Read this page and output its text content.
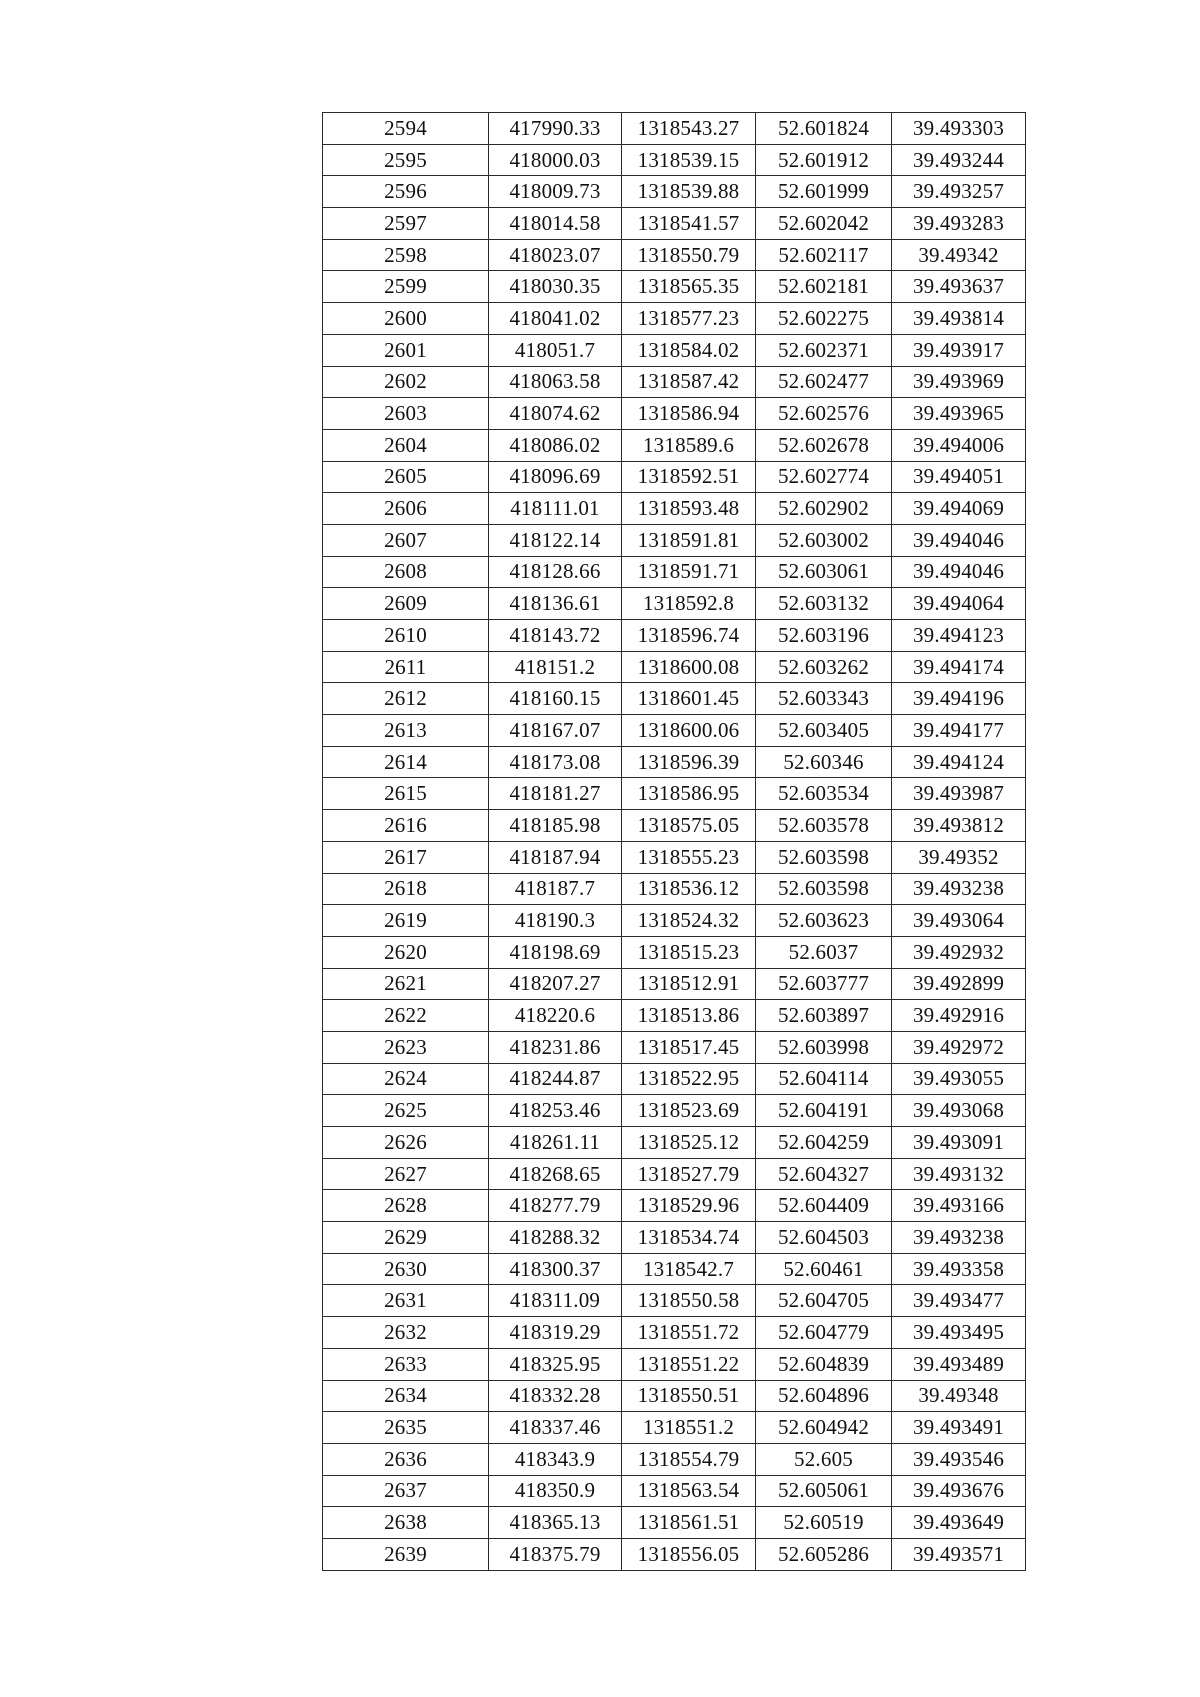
2594	417990.33	1318543.27	52.601824	39.493303
2595	418000.03	1318539.15	52.601912	39.493244
2596	418009.73	1318539.88	52.601999	39.493257
2597	418014.58	1318541.57	52.602042	39.493283
2598	418023.07	1318550.79	52.602117	39.49342
2599	418030.35	1318565.35	52.602181	39.493637
2600	418041.02	1318577.23	52.602275	39.493814
2601	418051.7	1318584.02	52.602371	39.493917
2602	418063.58	1318587.42	52.602477	39.493969
2603	418074.62	1318586.94	52.602576	39.493965
2604	418086.02	1318589.6	52.602678	39.494006
2605	418096.69	1318592.51	52.602774	39.494051
2606	418111.01	1318593.48	52.602902	39.494069
2607	418122.14	1318591.81	52.603002	39.494046
2608	418128.66	1318591.71	52.603061	39.494046
2609	418136.61	1318592.8	52.603132	39.494064
2610	418143.72	1318596.74	52.603196	39.494123
2611	418151.2	1318600.08	52.603262	39.494174
2612	418160.15	1318601.45	52.603343	39.494196
2613	418167.07	1318600.06	52.603405	39.494177
2614	418173.08	1318596.39	52.60346	39.494124
2615	418181.27	1318586.95	52.603534	39.493987
2616	418185.98	1318575.05	52.603578	39.493812
2617	418187.94	1318555.23	52.603598	39.49352
2618	418187.7	1318536.12	52.603598	39.493238
2619	418190.3	1318524.32	52.603623	39.493064
2620	418198.69	1318515.23	52.6037	39.492932
2621	418207.27	1318512.91	52.603777	39.492899
2622	418220.6	1318513.86	52.603897	39.492916
2623	418231.86	1318517.45	52.603998	39.492972
2624	418244.87	1318522.95	52.604114	39.493055
2625	418253.46	1318523.69	52.604191	39.493068
2626	418261.11	1318525.12	52.604259	39.493091
2627	418268.65	1318527.79	52.604327	39.493132
2628	418277.79	1318529.96	52.604409	39.493166
2629	418288.32	1318534.74	52.604503	39.493238
2630	418300.37	1318542.7	52.60461	39.493358
2631	418311.09	1318550.58	52.604705	39.493477
2632	418319.29	1318551.72	52.604779	39.493495
2633	418325.95	1318551.22	52.604839	39.493489
2634	418332.28	1318550.51	52.604896	39.49348
2635	418337.46	1318551.2	52.604942	39.493491
2636	418343.9	1318554.79	52.605	39.493546
2637	418350.9	1318563.54	52.605061	39.493676
2638	418365.13	1318561.51	52.60519	39.493649
2639	418375.79	1318556.05	52.605286	39.493571
